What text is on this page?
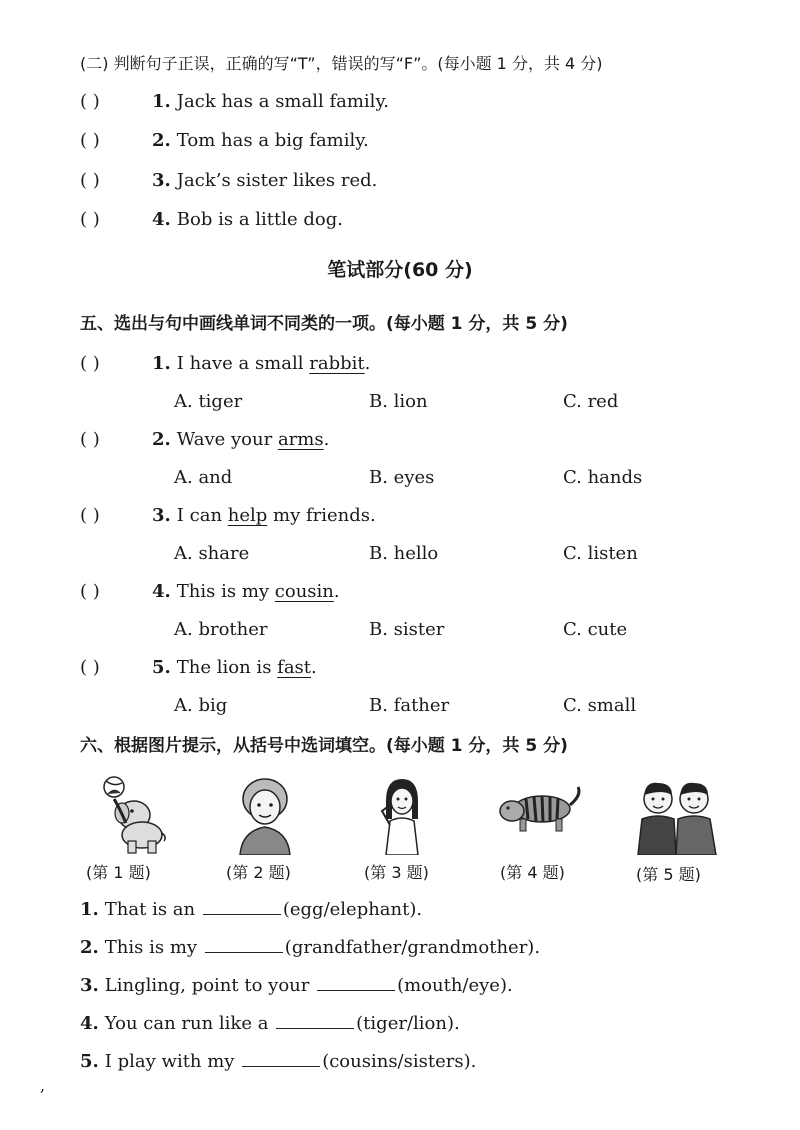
(二) 判断句子正误，正确的写“T”，错误的写“F”。(每小题 1 分，共 4 分)
( )	1. Jack has a small family.
( )	2. Tom has a big family.
( )	3. Jack’s sister likes red.
( )	4. Bob is a little dog.
笔试部分(60 分)
五、选出与句中画线单词不同类的一项。(每小题 1 分，共 5 分)
( )	1. I have a small rabbit.
A. tiger	B. lion	C. red
( )	2. Wave your arms.
A. and	B. eyes	C. hands
( )	3. I can help my friends.
A. share	B. hello	C. listen
( )	4. This is my cousin.
A. brother	B. sister	C. cute
( )	5. The lion is fast.
A. big	B. father	C. small
六、根据图片提示，从括号中选词填空。(每小题 1 分，共 5 分)
(第 1 题)	(第 2 题)	(第 3 题)	(第 4 题)	(第 5 题)
1. That is an	(egg/elephant).
2. This is my	(grandfather/grandmother).
3. Lingling, point to your	(mouth/eye).
4. You can run like a	(tiger/lion).
5. I play with my	(cousins/sisters).
,
